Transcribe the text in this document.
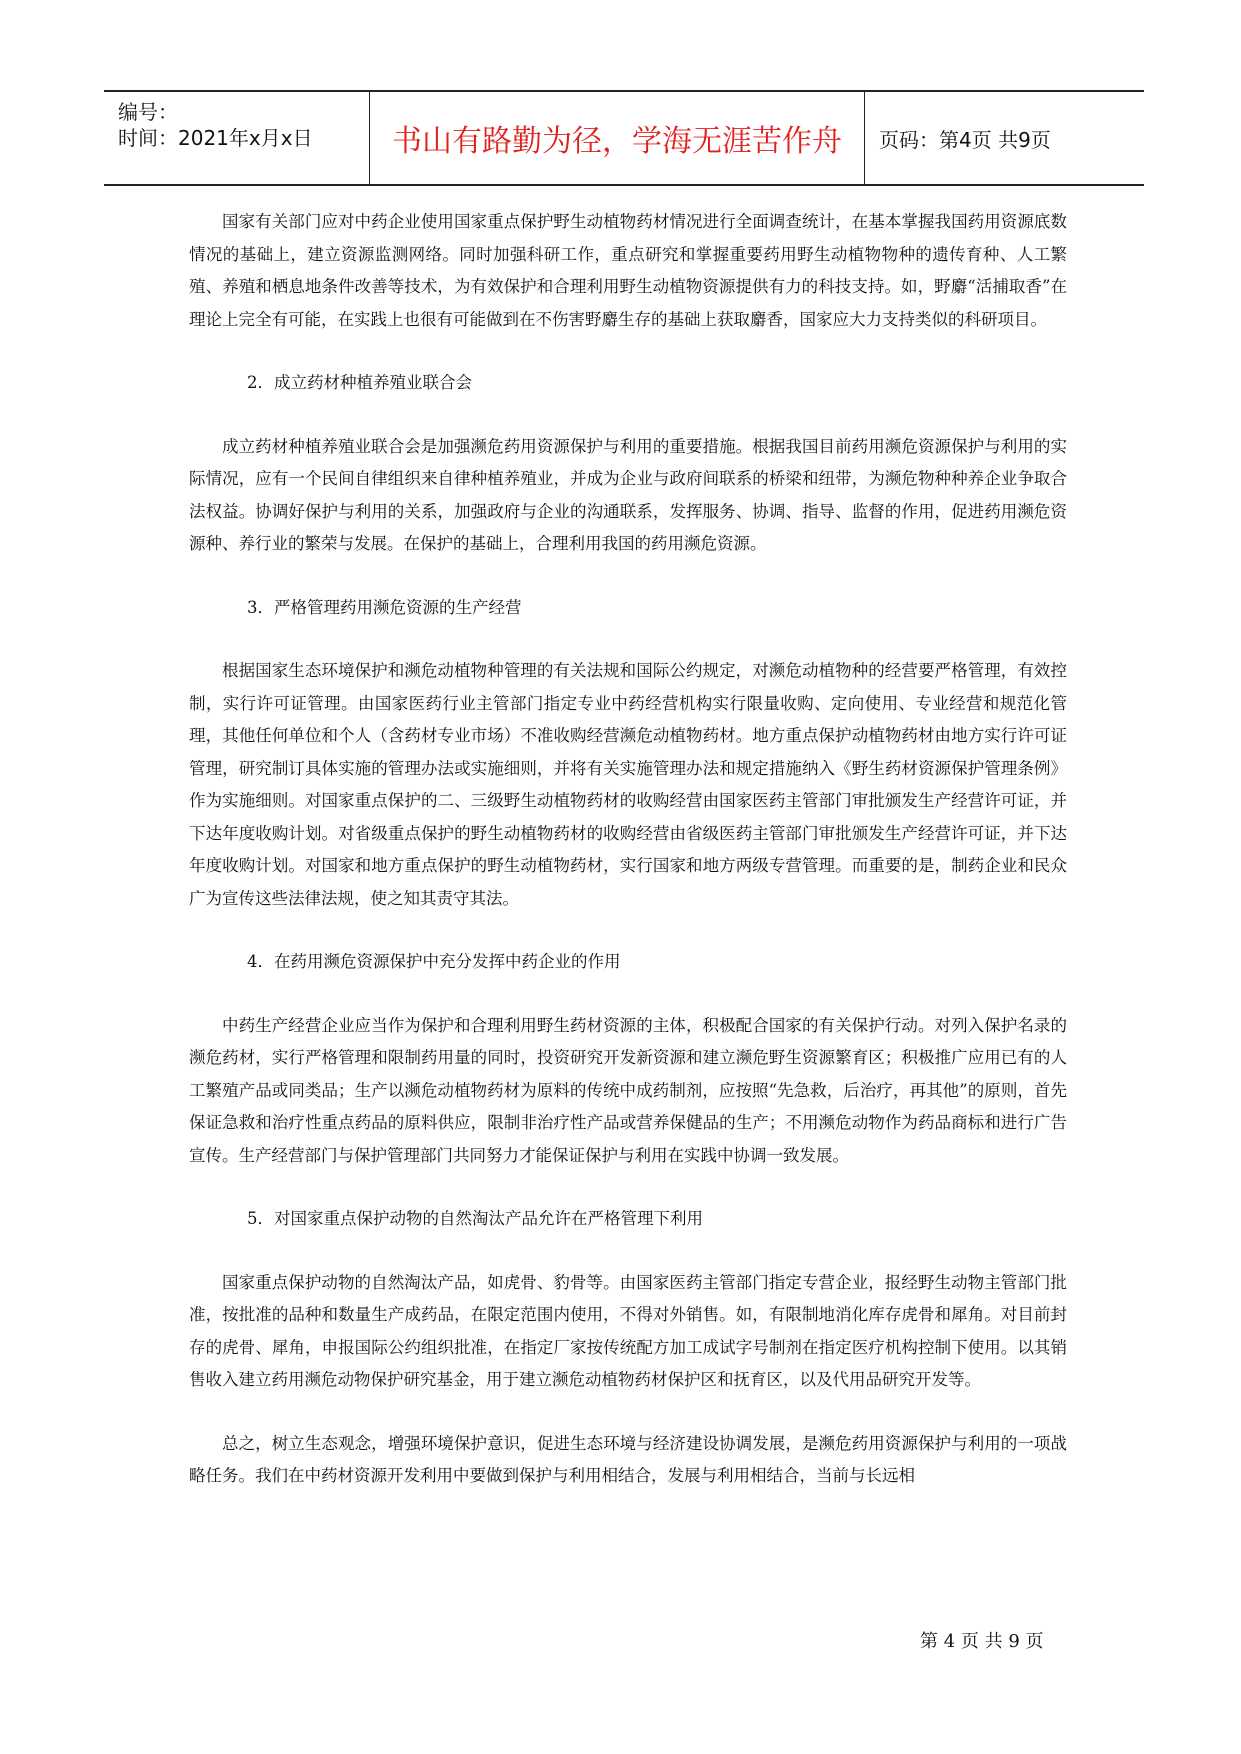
编号：
时间：2021年x月x日	书山有路勤为径，学海无涯苦作舟 页码：第4页 共9页

国家有关部门应对中药企业使用国家重点保护野生动植物药材情况进行全面调查统计，在基本掌握我国药用资源底数情况的基础上，建立资源监测网络。同时加强科研工作，重点研究和掌握重要药用野生动植物物种的遗传育种、人工繁殖、养殖和栖息地条件改善等技术，为有效保护和合理利用野生动植物资源提供有力的科技支持。如，野麝“活捕取香”在理论上完全有可能，在实践上也很有可能做到在不伤害野麝生存的基础上获取麝香，国家应大力支持类似的科研项目。

2．成立药材种植养殖业联合会

成立药材种植养殖业联合会是加强濒危药用资源保护与利用的重要措施。根据我国目前药用濒危资源保护与利用的实际情况，应有一个民间自律组织来自律种植养殖业，并成为企业与政府间联系的桥梁和纽带，为濒危物种种养企业争取合法权益。协调好保护与利用的关系，加强政府与企业的沟通联系，发挥服务、协调、指导、监督的作用，促进药用濒危资源种、养行业的繁荣与发展。在保护的基础上，合理利用我国的药用濒危资源。

3．严格管理药用濒危资源的生产经营

根据国家生态环境保护和濒危动植物种管理的有关法规和国际公约规定，对濒危动植物种的经营要严格管理，有效控制，实行许可证管理。由国家医药行业主管部门指定专业中药经营机构实行限量收购、定向使用、专业经营和规范化管理，其他任何单位和个人（含药材专业市场）不准收购经营濒危动植物药材。地方重点保护动植物药材由地方实行许可证管理，研究制订具体实施的管理办法或实施细则，并将有关实施管理办法和规定措施纳入《野生药材资源保护管理条例》作为实施细则。对国家重点保护的二、三级野生动植物药材的收购经营由国家医药主管部门审批颁发生产经营许可证，并下达年度收购计划。对省级重点保护的野生动植物药材的收购经营由省级医药主管部门审批颁发生产经营许可证，并下达年度收购计划。对国家和地方重点保护的野生动植物药材，实行国家和地方两级专营管理。而重要的是，制药企业和民众广为宣传这些法律法规，使之知其责守其法。

4．在药用濒危资源保护中充分发挥中药企业的作用

中药生产经营企业应当作为保护和合理利用野生药材资源的主体，积极配合国家的有关保护行动。对列入保护名录的濒危药材，实行严格管理和限制药用量的同时，投资研究开发新资源和建立濒危野生资源繁育区；积极推广应用已有的人工繁殖产品或同类品；生产以濒危动植物药材为原料的传统中成药制剂，应按照“先急救，后治疗，再其他”的原则，首先保证急救和治疗性重点药品的原料供应，限制非治疗性产品或营养保健品的生产；不用濒危动物作为药品商标和进行广告宣传。生产经营部门与保护管理部门共同努力才能保证保护与利用在实践中协调一致发展。

5．对国家重点保护动物的自然淘汰产品允许在严格管理下利用

国家重点保护动物的自然淘汰产品，如虎骨、豹骨等。由国家医药主管部门指定专营企业，报经野生动物主管部门批准，按批准的品种和数量生产成药品，在限定范围内使用，不得对外销售。如，有限制地消化库存虎骨和犀角。对目前封存的虎骨、犀角，申报国际公约组织批准，在指定厂家按传统配方加工成试字号制剂在指定医疗机构控制下使用。以其销售收入建立药用濒危动物保护研究基金，用于建立濒危动植物药材保护区和抚育区，以及代用品研究开发等。

总之，树立生态观念，增强环境保护意识，促进生态环境与经济建设协调发展，是濒危药用资源保护与利用的一项战略任务。我们在中药材资源开发利用中要做到保护与利用相结合，发展与利用相结合，当前与长远相

第 4 页 共 9 页
